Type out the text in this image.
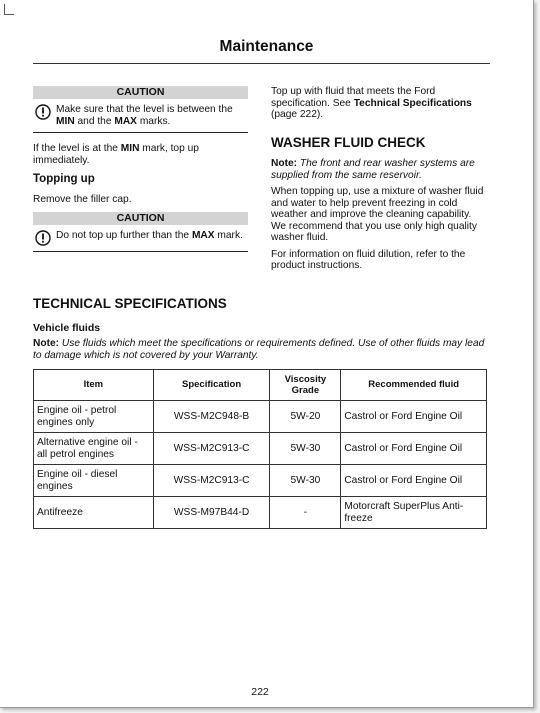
Maintenance
CAUTION
Make sure that the level is between the MIN and the MAX marks.

If the level is at the MIN mark, top up immediately.

Topping up

Remove the filler cap.

CAUTION
Do not top up further than the MAX mark.

Top up with fluid that meets the Ford specification. See Technical Specifications (page 222).

WASHER FLUID CHECK

Note: The front and rear washer systems are supplied from the same reservoir.

When topping up, use a mixture of washer fluid and water to help prevent freezing in cold weather and improve the cleaning capability. We recommend that you use only high quality washer fluid.

For information on fluid dilution, refer to the product instructions.

TECHNICAL SPECIFICATIONS
Vehicle fluids
Note: Use fluids which meet the specifications or requirements defined. Use of other fluids may lead to damage which is not covered by your Warranty.
Item	Specification	Viscosity Grade	Recommended fluid
Engine oil - petrol engines only	WSS-M2C948-B	5W-20	Castrol or Ford Engine Oil
Alternative engine oil - all petrol engines	WSS-M2C913-C	5W-30	Castrol or Ford Engine Oil
Engine oil - diesel engines	WSS-M2C913-C	5W-30	Castrol or Ford Engine Oil
Antifreeze	WSS-M97B44-D	-	Motorcraft SuperPlus Anti-freeze
222
